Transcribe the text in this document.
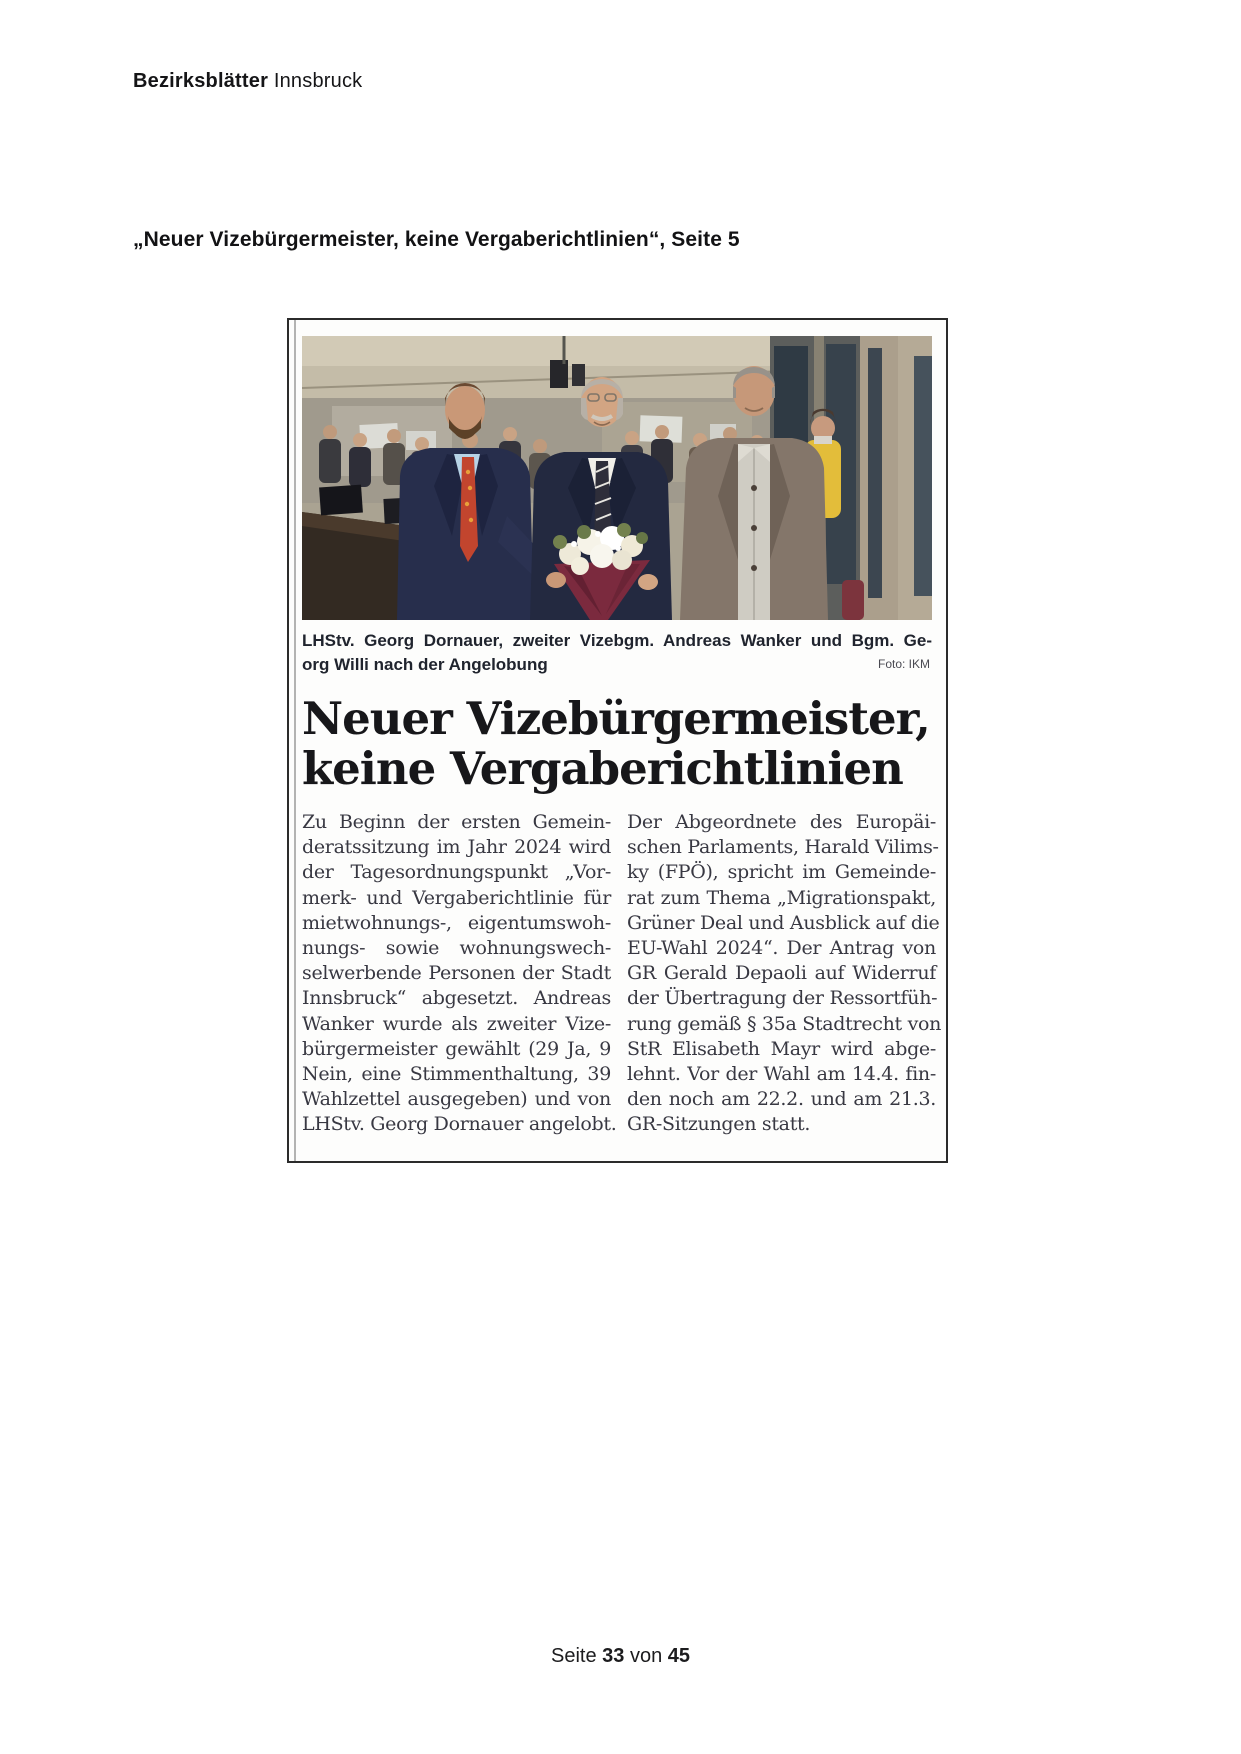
Bezirksblätter Innsbruck
„Neuer Vizebürgermeister, keine Vergaberichtlinien“, Seite 5
LHStv. Georg Dornauer, zweiter Vizebgm. Andreas Wanker und Bgm. Ge-
org Willi nach der Angelobung	Foto: IKM
Neuer Vizebürgermeister,
keine Vergaberichtlinien
Zu Beginn der ersten Gemein-
deratssitzung im Jahr 2024 wird
der Tagesordnungspunkt „Vor-
merk- und Vergaberichtlinie für
mietwohnungs-, eigentumswoh-
nungs- sowie wohnungswech-
selwerbende Personen der Stadt
Innsbruck“ abgesetzt. Andreas
Wanker wurde als zweiter Vize-
bürgermeister gewählt (29 Ja, 9
Nein, eine Stimmenthaltung, 39
Wahlzettel ausgegeben) und von
LHStv. Georg Dornauer angelobt.
Der Abgeordnete des Europäi-
schen Parlaments, Harald Vilims-
ky (FPÖ), spricht im Gemeinde-
rat zum Thema „Migrationspakt,
Grüner Deal und Ausblick auf die
EU-Wahl 2024“. Der Antrag von
GR Gerald Depaoli auf Widerruf
der Übertragung der Ressortfüh-
rung gemäß § 35a Stadtrecht von
StR Elisabeth Mayr wird abge-
lehnt. Vor der Wahl am 14.4. fin-
den noch am 22.2. und am 21.3.
GR-Sitzungen statt.
Seite 33 von 45
